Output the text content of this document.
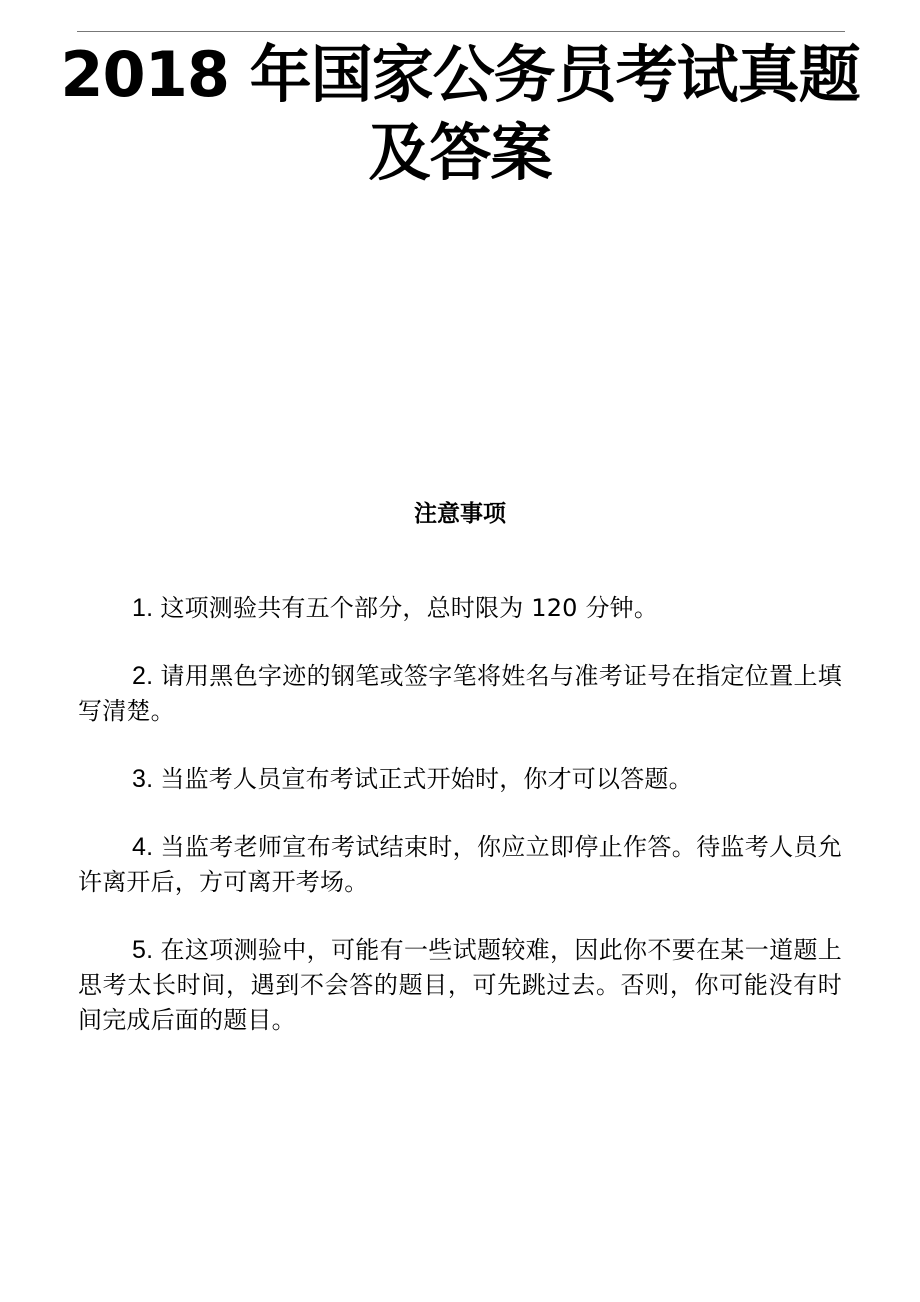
2018 年国家公务员考试真题
及答案
注意事项
1. 这项测验共有五个部分，总时限为 120 分钟。
2. 请用黑色字迹的钢笔或签字笔将姓名与准考证号在指定位置上填写清楚。
3. 当监考人员宣布考试正式开始时，你才可以答题。
4. 当监考老师宣布考试结束时，你应立即停止作答。待监考人员允许离开后，方可离开考场。
5. 在这项测验中，可能有一些试题较难，因此你不要在某一道题上思考太长时间，遇到不会答的题目，可先跳过去。否则，你可能没有时间完成后面的题目。
